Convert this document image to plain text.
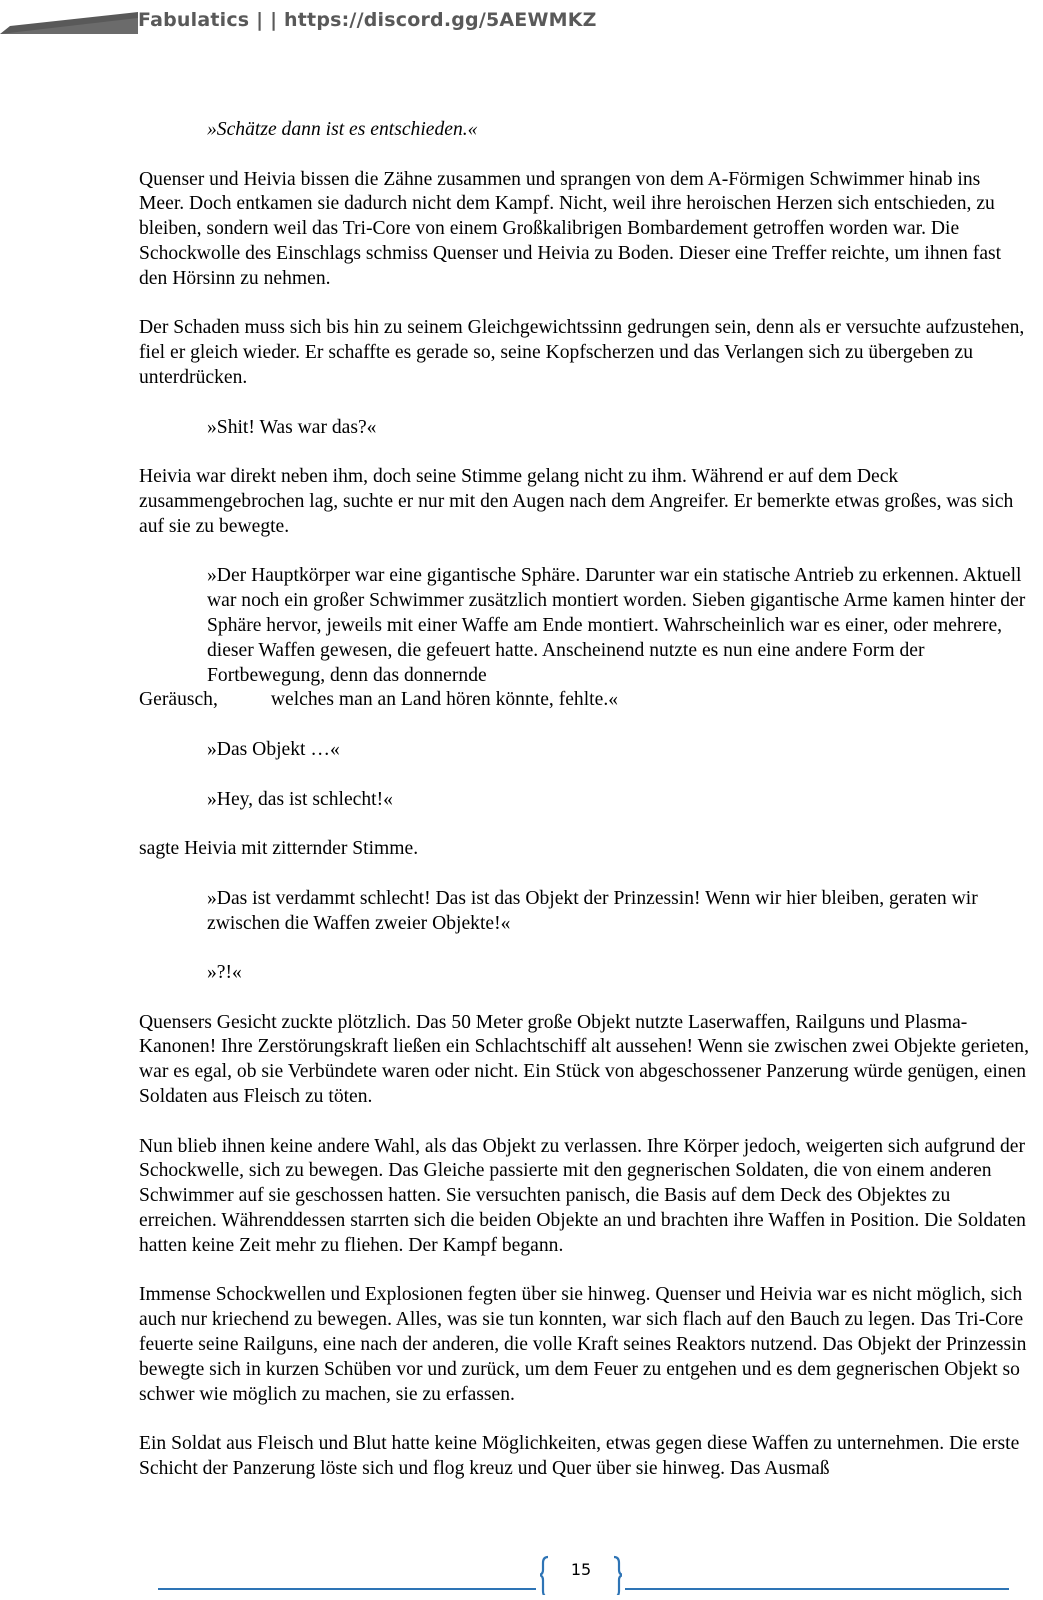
Fabulatics | | https://discord.gg/5AEWMKZ

»Schätze dann ist es entschieden.«

Quenser und Heivia bissen die Zähne zusammen und sprangen von dem A-Förmigen Schwimmer hinab ins Meer. Doch entkamen sie dadurch nicht dem Kampf. Nicht, weil ihre heroischen Herzen sich entschieden, zu bleiben, sondern weil das Tri-Core von einem Großkalibrigen Bombardement getroffen worden war. Die Schockwolle des Einschlags schmiss Quenser und Heivia zu Boden. Dieser eine Treffer reichte, um ihnen fast den Hörsinn zu nehmen.

Der Schaden muss sich bis hin zu seinem Gleichgewichtssinn gedrungen sein, denn als er versuchte aufzustehen, fiel er gleich wieder. Er schaffte es gerade so, seine Kopfscherzen und das Verlangen sich zu übergeben zu unterdrücken.

»Shit! Was war das?«

Heivia war direkt neben ihm, doch seine Stimme gelang nicht zu ihm. Während er auf dem Deck zusammengebrochen lag, suchte er nur mit den Augen nach dem Angreifer. Er bemerkte etwas großes, was sich auf sie zu bewegte.

»Der Hauptkörper war eine gigantische Sphäre. Darunter war ein statische Antrieb zu erkennen. Aktuell war noch ein großer Schwimmer zusätzlich montiert worden. Sieben gigantische Arme kamen hinter der Sphäre hervor, jeweils mit einer Waffe am Ende montiert. Wahrscheinlich war es einer, oder mehrere, dieser Waffen gewesen, die gefeuert hatte. Anscheinend nutzte es nun eine andere Form der Fortbewegung, denn das donnernde
Geräusch,	welches man an Land hören könnte, fehlte.«

»Das Objekt …«

»Hey, das ist schlecht!«

sagte Heivia mit zitternder Stimme.

»Das ist verdammt schlecht! Das ist das Objekt der Prinzessin! Wenn wir hier bleiben, geraten wir zwischen die Waffen zweier Objekte!«

»?!«

Quensers Gesicht zuckte plötzlich. Das 50 Meter große Objekt nutzte Laserwaffen, Railguns und Plasma-Kanonen! Ihre Zerstörungskraft ließen ein Schlachtschiff alt aussehen! Wenn sie zwischen zwei Objekte gerieten, war es egal, ob sie Verbündete waren oder nicht. Ein Stück von abgeschossener Panzerung würde genügen, einen Soldaten aus Fleisch zu töten.

Nun blieb ihnen keine andere Wahl, als das Objekt zu verlassen. Ihre Körper jedoch, weigerten sich aufgrund der Schockwelle, sich zu bewegen. Das Gleiche passierte mit den gegnerischen Soldaten, die von einem anderen Schwimmer auf sie geschossen hatten. Sie versuchten panisch, die Basis auf dem Deck des Objektes zu erreichen. Währenddessen starrten sich die beiden Objekte an und brachten ihre Waffen in Position. Die Soldaten hatten keine Zeit mehr zu fliehen. Der Kampf begann.

Immense Schockwellen und Explosionen fegten über sie hinweg. Quenser und Heivia war es nicht möglich, sich auch nur kriechend zu bewegen. Alles, was sie tun konnten, war sich flach auf den Bauch zu legen. Das Tri-Core feuerte seine Railguns, eine nach der anderen, die volle Kraft seines Reaktors nutzend. Das Objekt der Prinzessin bewegte sich in kurzen Schüben vor und zurück, um dem Feuer zu entgehen und es dem gegnerischen Objekt so schwer wie möglich zu machen, sie zu erfassen.

Ein Soldat aus Fleisch und Blut hatte keine Möglichkeiten, etwas gegen diese Waffen zu unternehmen. Die erste Schicht der Panzerung löste sich und flog kreuz und Quer über sie hinweg. Das Ausmaß

15
